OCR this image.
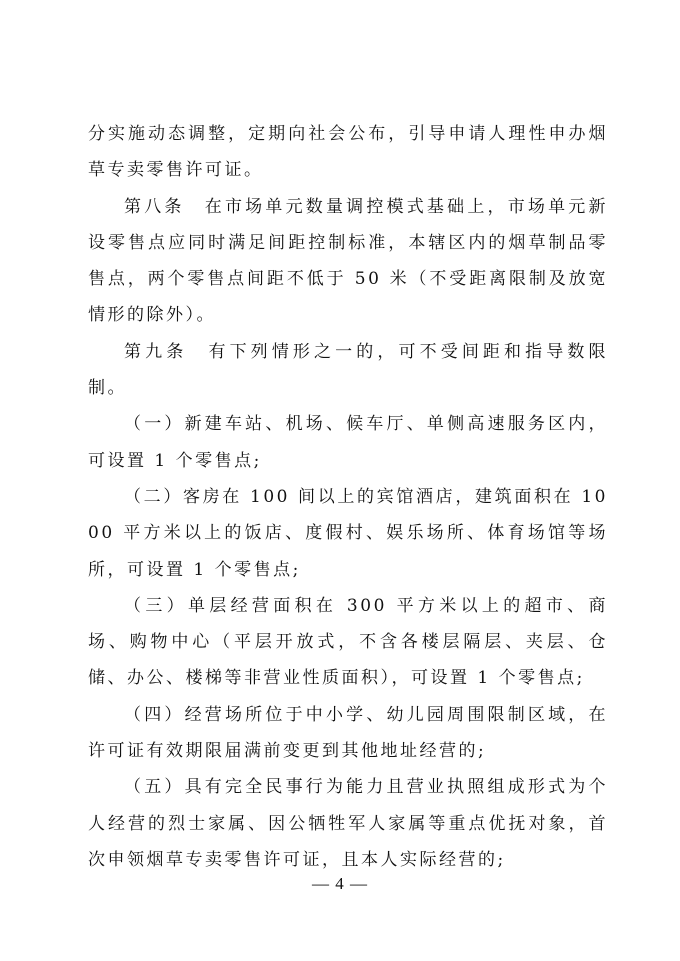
分实施动态调整，定期向社会公布，引导申请人理性申办烟草专卖零售许可证。

第八条　在市场单元数量调控模式基础上，市场单元新设零售点应同时满足间距控制标准，本辖区内的烟草制品零售点，两个零售点间距不低于 50 米（不受距离限制及放宽情形的除外）。

第九条　有下列情形之一的，可不受间距和指导数限制。

（一）新建车站、机场、候车厅、单侧高速服务区内，可设置 1 个零售点;

（二）客房在 100 间以上的宾馆酒店，建筑面积在 1000 平方米以上的饭店、度假村、娱乐场所、体育场馆等场所，可设置 1 个零售点;

（三）单层经营面积在 300 平方米以上的超市、商场、购物中心（平层开放式，不含各楼层隔层、夹层、仓储、办公、楼梯等非营业性质面积），可设置 1 个零售点;

（四）经营场所位于中小学、幼儿园周围限制区域，在许可证有效期限届满前变更到其他地址经营的;

（五）具有完全民事行为能力且营业执照组成形式为个人经营的烈士家属、因公牺牲军人家属等重点优抚对象，首次申领烟草专卖零售许可证，且本人实际经营的;

— 4 —
